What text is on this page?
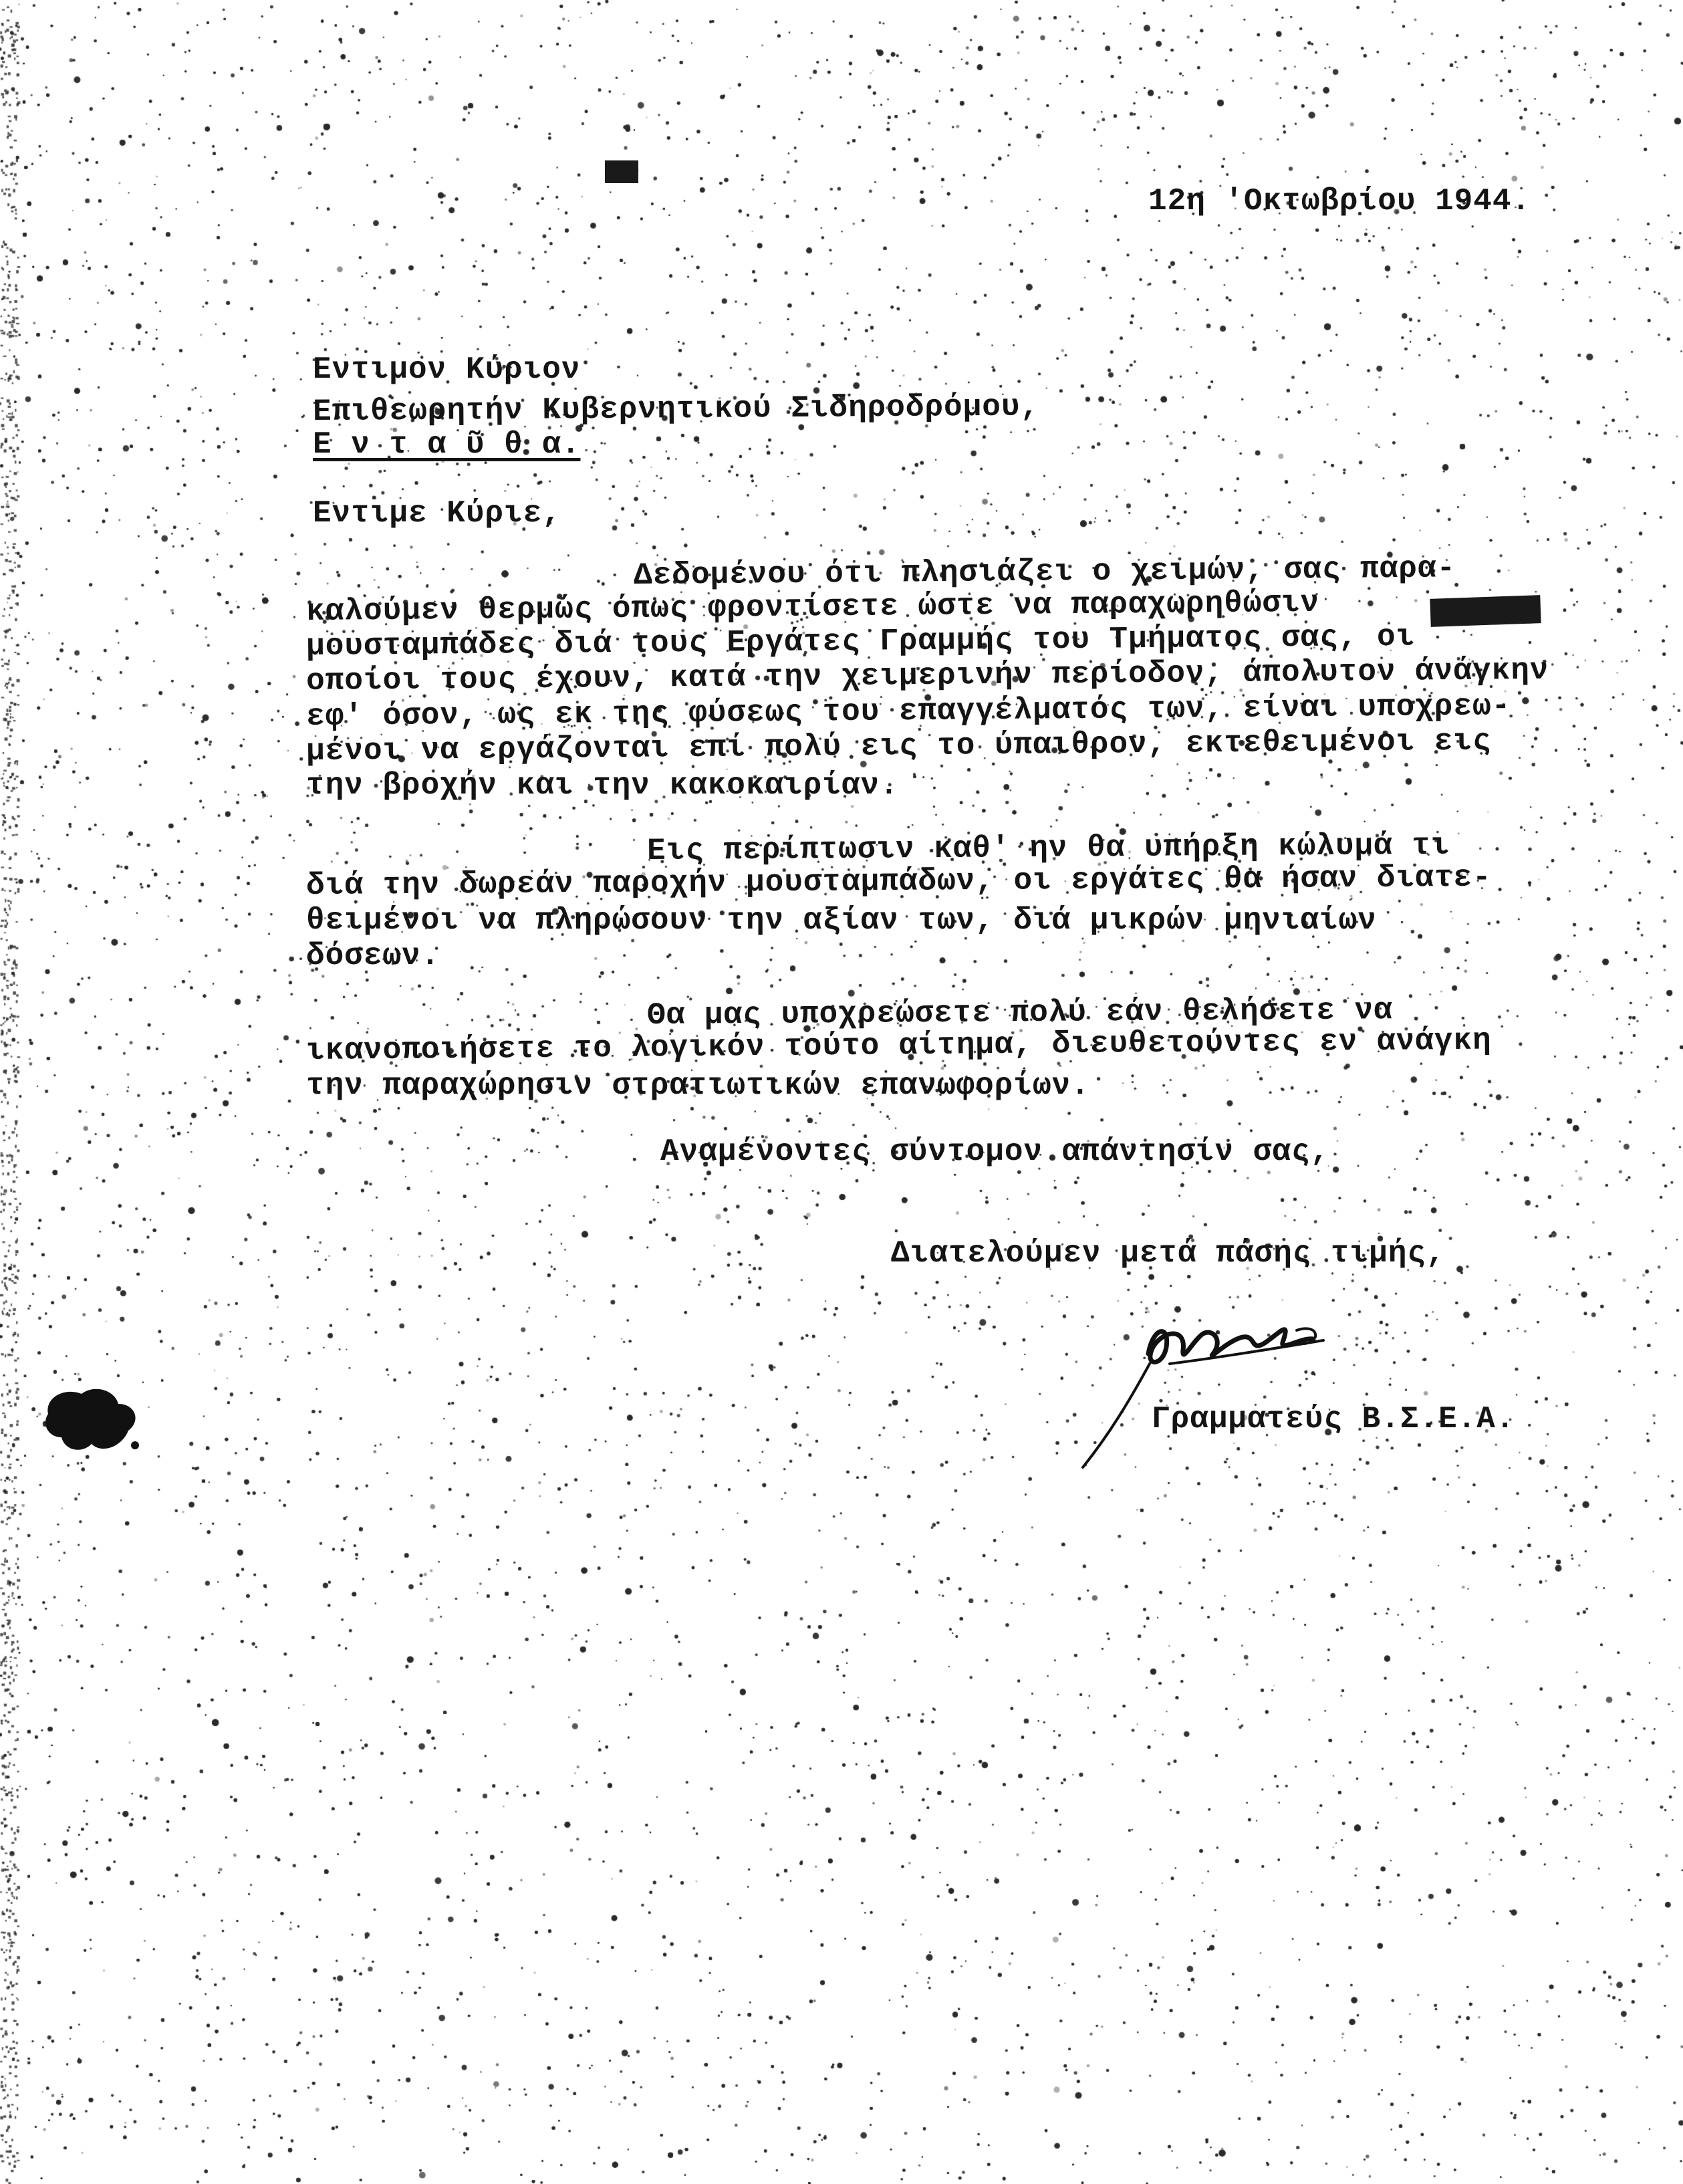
12η 'Οκτωβρίου 1944.
Εντιμον Κύριον
Επιθεωρητήν Κυβερνητικού Σιδηροδρόμου,
Ε ν τ α ῦ θ α.
Εντιμε Κύριε,
Δεδομένου ότι πλησιάζει ο χειμών, σας παρα-
καλούμεν θερμώς όπως φροντίσετε ώστε να παραχωρηθώσιν
μουσταμπάδες διά τους Εργάτες Γραμμής του Τμήματος σας, οι
οποίοι τους έχουν, κατά την χειμερινήν περίοδον, άπολυτον άνάγκην
εφ' όσον, ως εκ της φύσεως του επαγγέλματός των, είναι υποχρεω-
μένοι να εργάζονται επί πολύ εις το ύπαιθρον, εκτεθειμένοι εις
την βροχήν και την κακοκαιρίαν.
Εις περίπτωσιν καθ' ην θα υπήρξη κώλυμά τι
διά την δωρεάν παροχήν μουσταμπάδων, οι εργάτες θα ήσαν διατε-
θειμένοι να πληρώσουν την αξίαν των, διά μικρών μηνιαίων
δόσεων.
Θα μας υποχρεώσετε πολύ εάν θελήσετε να
ικανοποιήσετε το λογικόν τούτο αίτημα, διευθετούντες εν ανάγκη
την παραχώρησιν στρατιωτικών επανωφορίων.
Αναμένοντες σύντομον απάντησίν σας,
Διατελούμεν μετά πάσης τιμής,
Γραμματεύς Β.Σ.Ε.Α.
